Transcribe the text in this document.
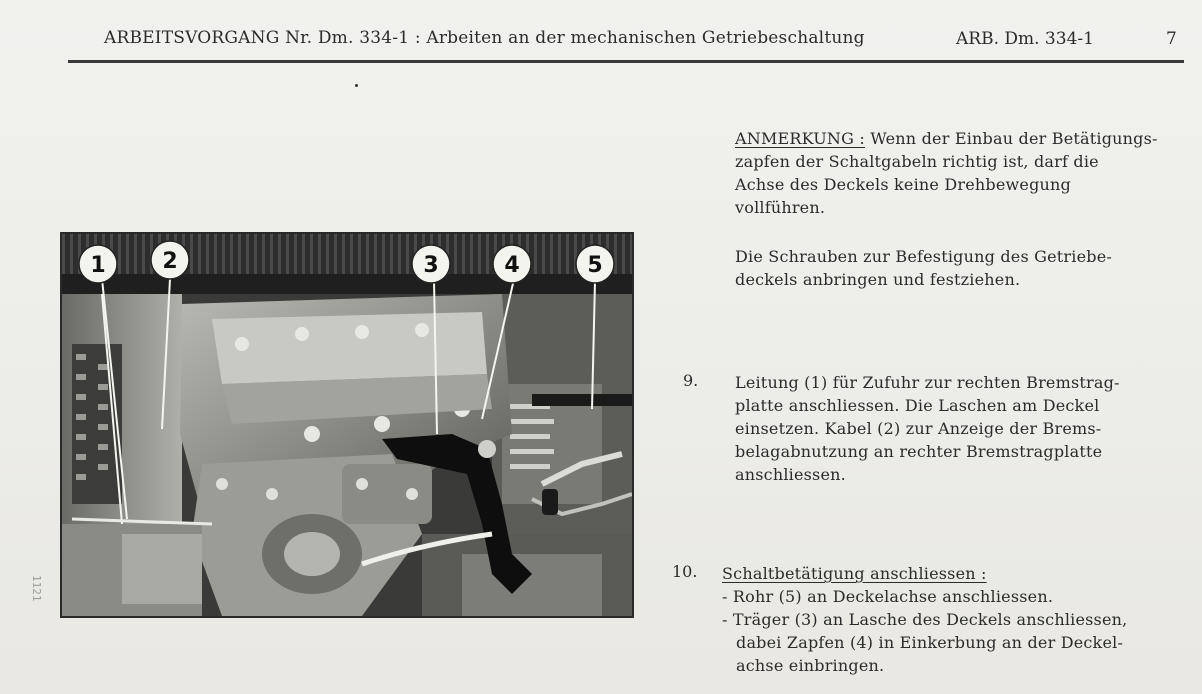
ARBEITSVORGANG Nr. Dm. 334-1 : Arbeiten an der mechanischen Getriebeschaltung	ARB. Dm. 334-1	7
1	2	3	4	5
1121
ANMERKUNG : Wenn der Einbau der Betätigungs-
zapfen der Schaltgabeln richtig ist, darf die
Achse des Deckels keine Drehbewegung
vollführen.
Die Schrauben zur Befestigung des Getriebe-
deckels anbringen und festziehen.
9. Leitung (1) für Zufuhr zur rechten Bremstrag-
platte anschliessen. Die Laschen am Deckel
einsetzen. Kabel (2) zur Anzeige der Brems-
belagabnutzung an rechter Bremstragplatte
anschliessen.
10. Schaltbetätigung anschliessen :
- Rohr (5) an Deckelachse anschliessen.
- Träger (3) an Lasche des Deckels anschliessen,
dabei Zapfen (4) in Einkerbung an der Deckel-
achse einbringen.
